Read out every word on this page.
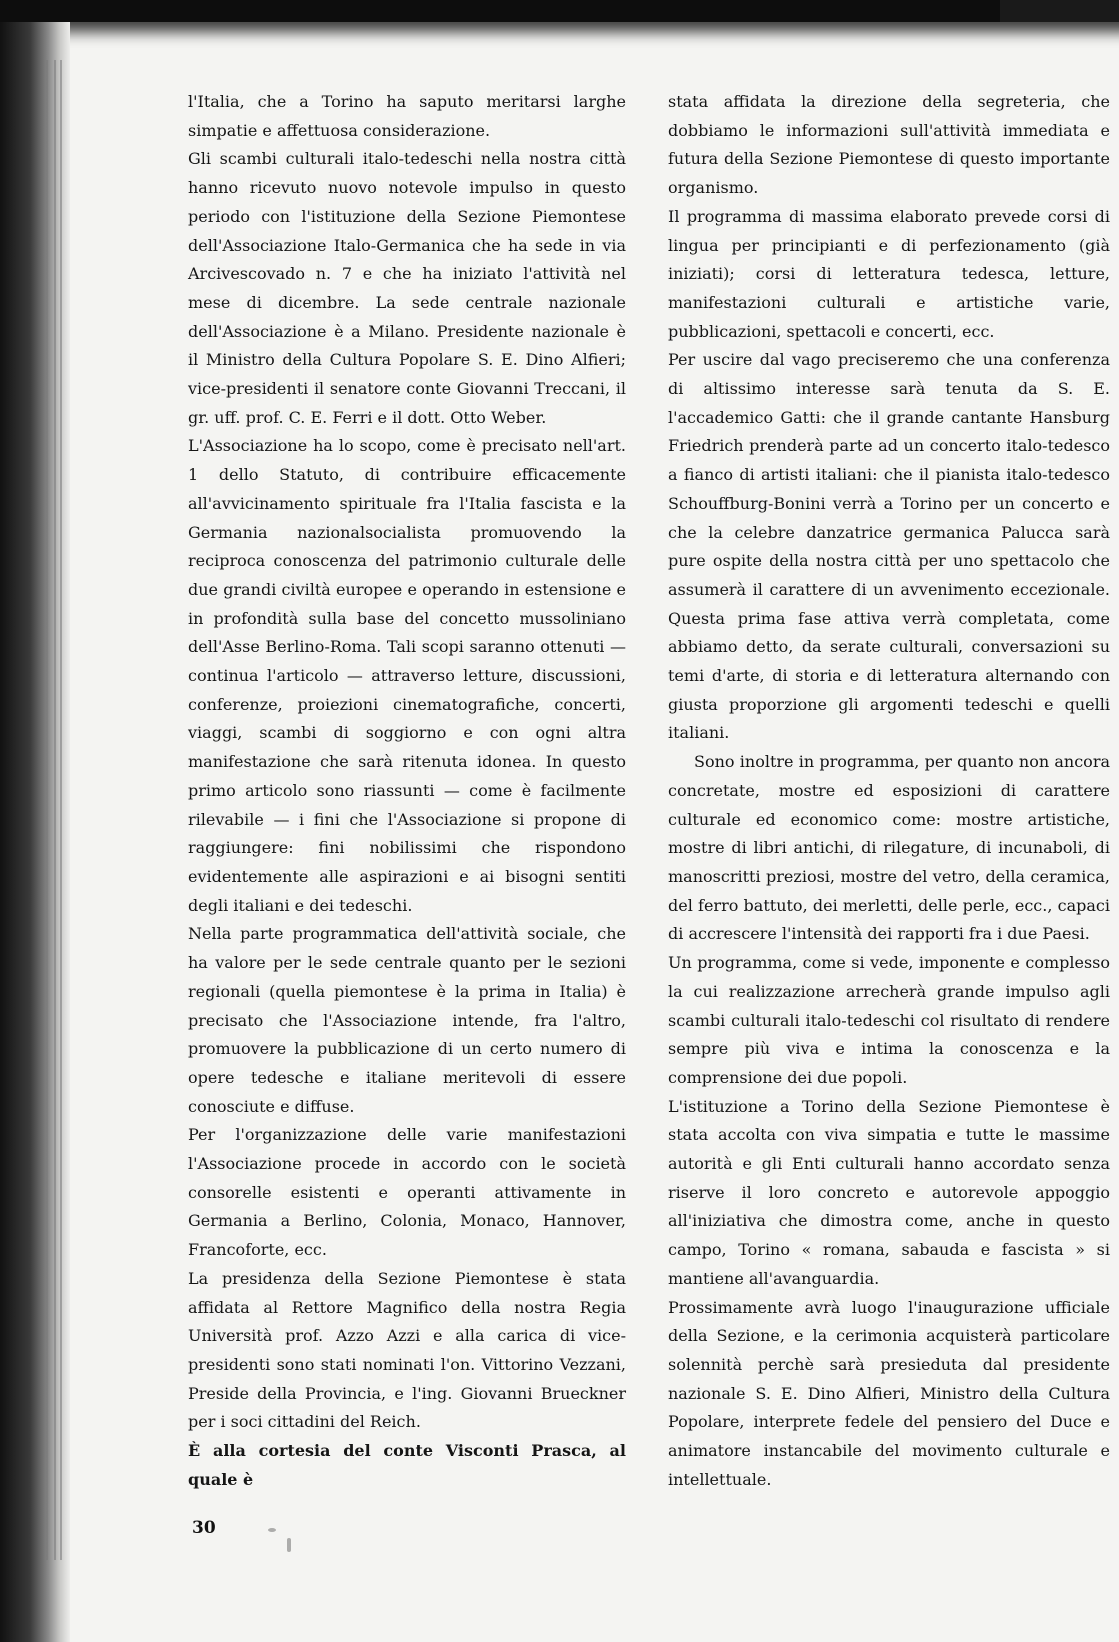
l'Italia, che a Torino ha saputo meritarsi larghe simpatie e affettuosa considerazione.

Gli scambi culturali italo-tedeschi nella nostra città hanno ricevuto nuovo notevole impulso in questo periodo con l'istituzione della Sezione Piemontese dell'Associazione Italo-Germanica che ha sede in via Arcivescovado n. 7 e che ha iniziato l'attività nel mese di dicembre. La sede centrale nazionale dell'Associazione è a Milano. Presidente nazionale è il Ministro della Cultura Popolare S. E. Dino Alfieri; vice-presidenti il senatore conte Giovanni Treccani, il gr. uff. prof. C. E. Ferri e il dott. Otto Weber.

L'Associazione ha lo scopo, come è precisato nell'art. 1 dello Statuto, di contribuire efficacemente all'avvicinamento spirituale fra l'Italia fascista e la Germania nazionalsocialista promuovendo la reciproca conoscenza del patrimonio culturale delle due grandi civiltà europee e operando in estensione e in profondità sulla base del concetto mussoliniano dell'Asse Berlino-Roma. Tali scopi saranno ottenuti — continua l'articolo — attraverso letture, discussioni, conferenze, proiezioni cinematografiche, concerti, viaggi, scambi di soggiorno e con ogni altra manifestazione che sarà ritenuta idonea. In questo primo articolo sono riassunti — come è facilmente rilevabile — i fini che l'Associazione si propone di raggiungere: fini nobilissimi che rispondono evidentemente alle aspirazioni e ai bisogni sentiti degli italiani e dei tedeschi.

Nella parte programmatica dell'attività sociale, che ha valore per le sede centrale quanto per le sezioni regionali (quella piemontese è la prima in Italia) è precisato che l'Associazione intende, fra l'altro, promuovere la pubblicazione di un certo numero di opere tedesche e italiane meritevoli di essere conosciute e diffuse.

Per l'organizzazione delle varie manifestazioni l'Associazione procede in accordo con le società consorelle esistenti e operanti attivamente in Germania a Berlino, Colonia, Monaco, Hannover, Francoforte, ecc.

La presidenza della Sezione Piemontese è stata affidata al Rettore Magnifico della nostra Regia Università prof. Azzo Azzi e alla carica di vice-presidenti sono stati nominati l'on. Vittorino Vezzani, Preside della Provincia, e l'ing. Giovanni Brueckner per i soci cittadini del Reich.

È alla cortesia del conte Visconti Prasca, al quale è

stata affidata la direzione della segreteria, che dobbiamo le informazioni sull'attività immediata e futura della Sezione Piemontese di questo importante organismo.

Il programma di massima elaborato prevede corsi di lingua per principianti e di perfezionamento (già iniziati); corsi di letteratura tedesca, letture, manifestazioni culturali e artistiche varie, pubblicazioni, spettacoli e concerti, ecc.

Per uscire dal vago preciseremo che una conferenza di altissimo interesse sarà tenuta da S. E. l'accademico Gatti: che il grande cantante Hansburg Friedrich prenderà parte ad un concerto italo-tedesco a fianco di artisti italiani: che il pianista italo-tedesco Schouffburg-Bonini verrà a Torino per un concerto e che la celebre danzatrice germanica Palucca sarà pure ospite della nostra città per uno spettacolo che assumerà il carattere di un avvenimento eccezionale. Questa prima fase attiva verrà completata, come abbiamo detto, da serate culturali, conversazioni su temi d'arte, di storia e di letteratura alternando con giusta proporzione gli argomenti tedeschi e quelli italiani.

Sono inoltre in programma, per quanto non ancora concretate, mostre ed esposizioni di carattere culturale ed economico come: mostre artistiche, mostre di libri antichi, di rilegature, di incunaboli, di manoscritti preziosi, mostre del vetro, della ceramica, del ferro battuto, dei merletti, delle perle, ecc., capaci di accrescere l'intensità dei rapporti fra i due Paesi.

Un programma, come si vede, imponente e complesso la cui realizzazione arrecherà grande impulso agli scambi culturali italo-tedeschi col risultato di rendere sempre più viva e intima la conoscenza e la comprensione dei due popoli.

L'istituzione a Torino della Sezione Piemontese è stata accolta con viva simpatia e tutte le massime autorità e gli Enti culturali hanno accordato senza riserve il loro concreto e autorevole appoggio all'iniziativa che dimostra come, anche in questo campo, Torino « romana, sabauda e fascista » si mantiene all'avanguardia.

Prossimamente avrà luogo l'inaugurazione ufficiale della Sezione, e la cerimonia acquisterà particolare solennità perchè sarà presieduta dal presidente nazionale S. E. Dino Alfieri, Ministro della Cultura Popolare, interprete fedele del pensiero del Duce e animatore instancabile del movimento culturale e intellettuale.

30
